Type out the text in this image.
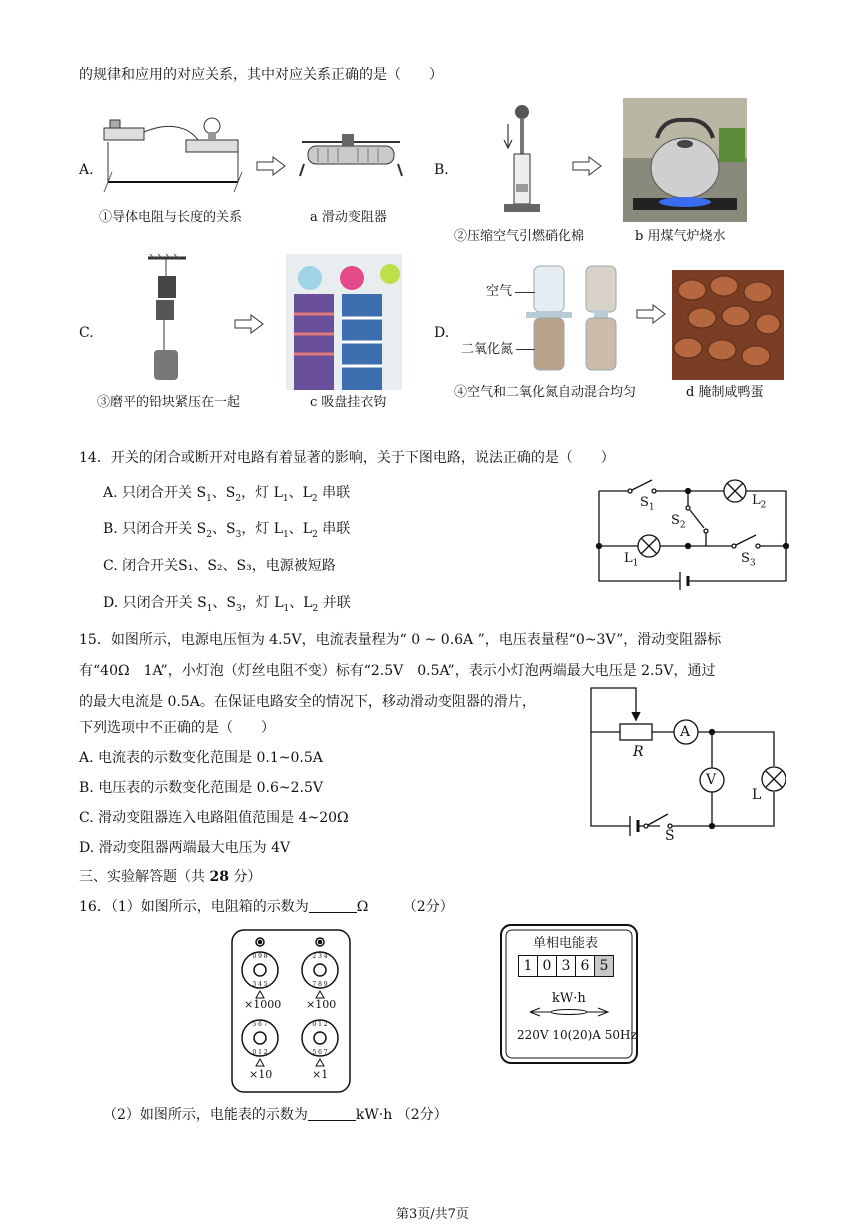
的规律和应用的对应关系，其中对应关系正确的是（　　）
A.
①导体电阻与长度的关系	a 滑动变阻器
B.
②压缩空气引燃硝化棉	b 用煤气炉烧水
C.
③磨平的铅块紧压在一起	c 吸盘挂衣钩
D.
空气
二氧化氮
④空气和二氧化氮自动混合均匀	d 腌制咸鸭蛋
14．开关的闭合或断开对电路有着显著的影响，关于下图电路，说法正确的是（　　）
A. 只闭合开关 $S_1$、$S_2$，灯 $L_1$、$L_2$ 串联
B. 只闭合开关 $S_2$、$S_3$，灯 $L_1$、$L_2$ 串联
C. 闭合开关S₁、S₂、S₃，电源被短路
D. 只闭合开关 $S_1$、$S_3$，灯 $L_1$、$L_2$ 并联
$S_1$	$L_2$
$S_2$
$L_1$	$S_3$
15．如图所示，电源电压恒为 4.5V，电流表量程为“ 0 ~ 0.6A ”，电压表量程“0~3V”，滑动变阻器标
有“40Ω　1A”，小灯泡（灯丝电阻不变）标有“2.5V　0.5A”，表示小灯泡两端最大电压是 2.5V，通过
的最大电流是 0.5A。在保证电路安全的情况下，移动滑动变阻器的滑片，
下列选项中不正确的是（　　）
A. 电流表的示数变化范围是 0.1~0.5A
B. 电压表的示数变化范围是 0.6~2.5V
C. 滑动变阻器连入电路阻值范围是 4~20Ω
D. 滑动变阻器两端最大电压为 4V
R
A
V
L
S
三、实验解答题（共 28 分）
16．（1）如图所示，电阻箱的示数为	Ω （2分）
0 9 8
3 4 5
2 3 4
7 8 9
5 6 7
0 1 2
0 1 2
5 6 7
×1000 ×100
×10	×1
单相电能表
1 0 3 6 5
kW·h
220V 10(20)A 50Hz
（2）如图所示，电能表的示数为	kW·h （2分）
第3页/共7页
